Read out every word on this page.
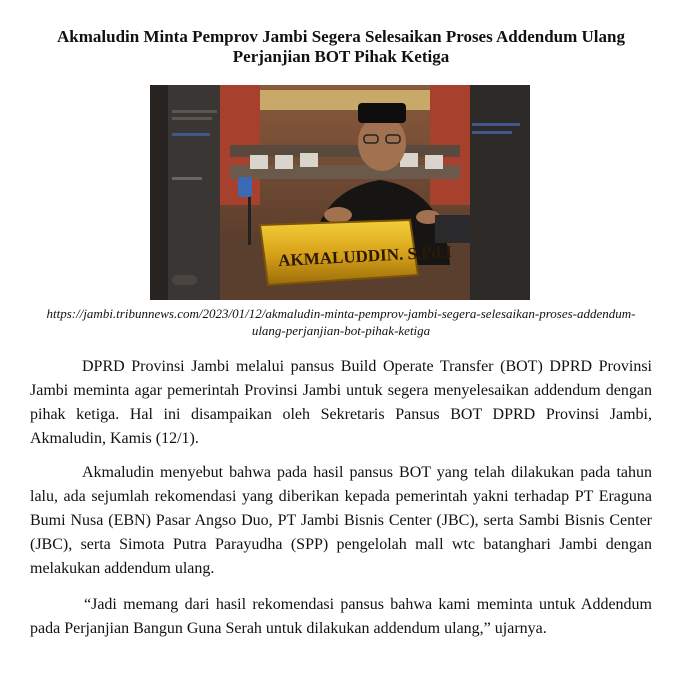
Akmaludin Minta Pemprov Jambi Segera Selesaikan Proses Addendum Ulang Perjanjian BOT Pihak Ketiga
AKMALUDDIN. S.Pd.I
https://jambi.tribunnews.com/2023/01/12/akmaludin-minta-pemprov-jambi-segera-selesaikan-proses-addendum-ulang-perjanjian-bot-pihak-ketiga

DPRD Provinsi Jambi melalui pansus Build Operate Transfer (BOT) DPRD Provinsi Jambi meminta agar pemerintah Provinsi Jambi untuk segera menyelesaikan addendum dengan pihak ketiga. Hal ini disampaikan oleh Sekretaris Pansus BOT DPRD Provinsi Jambi, Akmaludin, Kamis (12/1).

Akmaludin menyebut bahwa pada hasil pansus BOT yang telah dilakukan pada tahun lalu, ada sejumlah rekomendasi yang diberikan kepada pemerintah yakni terhadap PT Eraguna Bumi Nusa (EBN) Pasar Angso Duo, PT Jambi Bisnis Center (JBC), serta Sambi Bisnis Center (JBC), serta Simota Putra Parayudha (SPP) pengelolah mall wtc batanghari Jambi dengan melakukan addendum ulang.

“Jadi memang dari hasil rekomendasi pansus bahwa kami meminta untuk Addendum pada Perjanjian Bangun Guna Serah untuk dilakukan addendum ulang,” ujarnya.
